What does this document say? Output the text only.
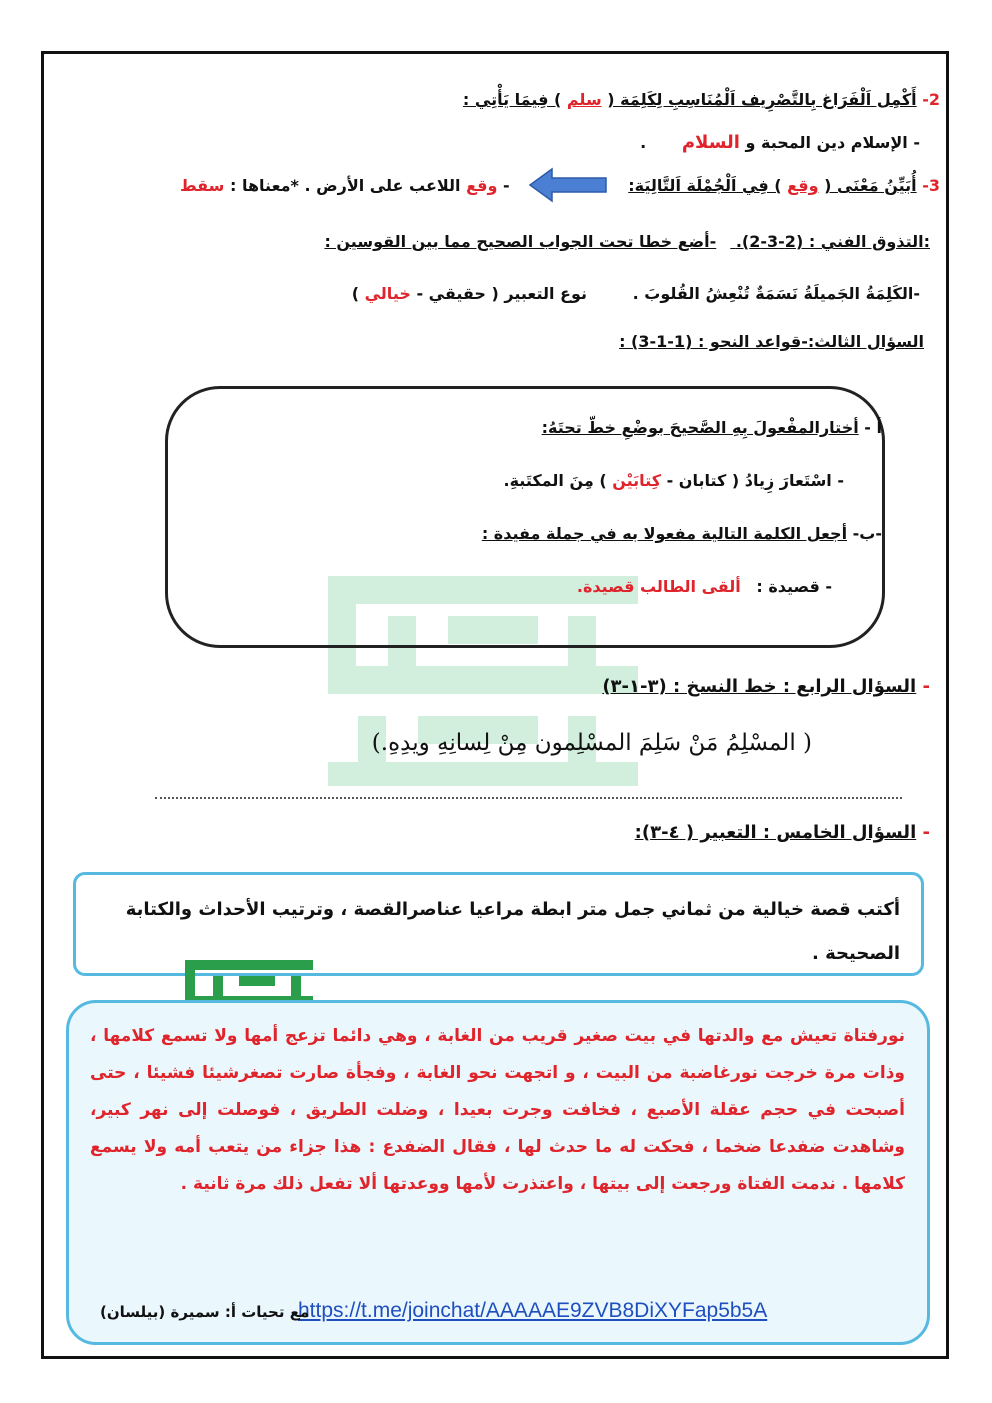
2- أَكْمِل اَلْفَرَاغ بِالتَّصْرِيف اَلْمُنَاسِبِ لِكَلِمَة ( سلم ) فِيمَا يَأْتِي :
- الإسلام دين المحبة و السلام .
3- أُبَيِّنُ مَعْنَى ( وقع ) فِي اَلْجُمْلَة اَلتَّالِيَة:
- وقع اللاعب على الأرض . *معناها : سقط
:التذوق الفني : (2-3-2). -أضع خطا تحت الجواب الصحيح مما بين القوسين :
-الكَلِمَةُ الجَميلَةُ نَسَمَةٌ تُنْعِشُ القُلوبَ . نوع التعبير ( حقيقي - خيالي )
السؤال الثالث:-قواعد النحو : (1-1-3) :
أ - أختارالمفْعولَ بِهِ الصَّحيحَ بوضْعِ خطّ تحتَهُ:
- اسْتَعارَ زِيادُ ( كتابان - كِتابَيْن ) مِنَ المكتَبةِ.
-ب- أجعل الكلمة التالية مفعولا به في جملة مفيدة :
- قصيدة : ألقى الطالب قصيدة.
- السؤال الرابع : خط النسخ : (٣-١-٣)
( المسْلِمُ مَنْ سَلِمَ المسْلِمون مِنْ لِسانِهِ ويدِهِ.)
- السؤال الخامس : التعبير ( ٤-٣):
أكتب قصة خيالية من ثماني جمل متر ابطة مراعيا عناصرالقصة ، وترتيب الأحداث والكتابة الصحيحة .
نورفتاة تعيش مع والدتها في بيت صغير قريب من الغابة ، وهي دائما تزعج أمها ولا تسمع كلامها ، وذات مرة خرجت نورغاضبة من البيت ، و اتجهت نحو الغابة ، وفجأة صارت تصغرشيئا فشيئا ، حتى أصبحت في حجم عقلة الأصبع ، فخافت وجرت بعيدا ، وضلت الطريق ، فوصلت إلى نهر كبير، وشاهدت ضفدعا ضخما ، فحكت له ما حدث لها ، فقال الضفدع : هذا جزاء من يتعب أمه ولا يسمع كلامها . ندمت الفتاة ورجعت إلى بيتها ، واعتذرت لأمها ووعدتها ألا تفعل ذلك مرة ثانية .
https://t.me/joinchat/AAAAAE9ZVB8DiXYFap5b5A
مع تحيات أ: سميرة (بيلسان)
